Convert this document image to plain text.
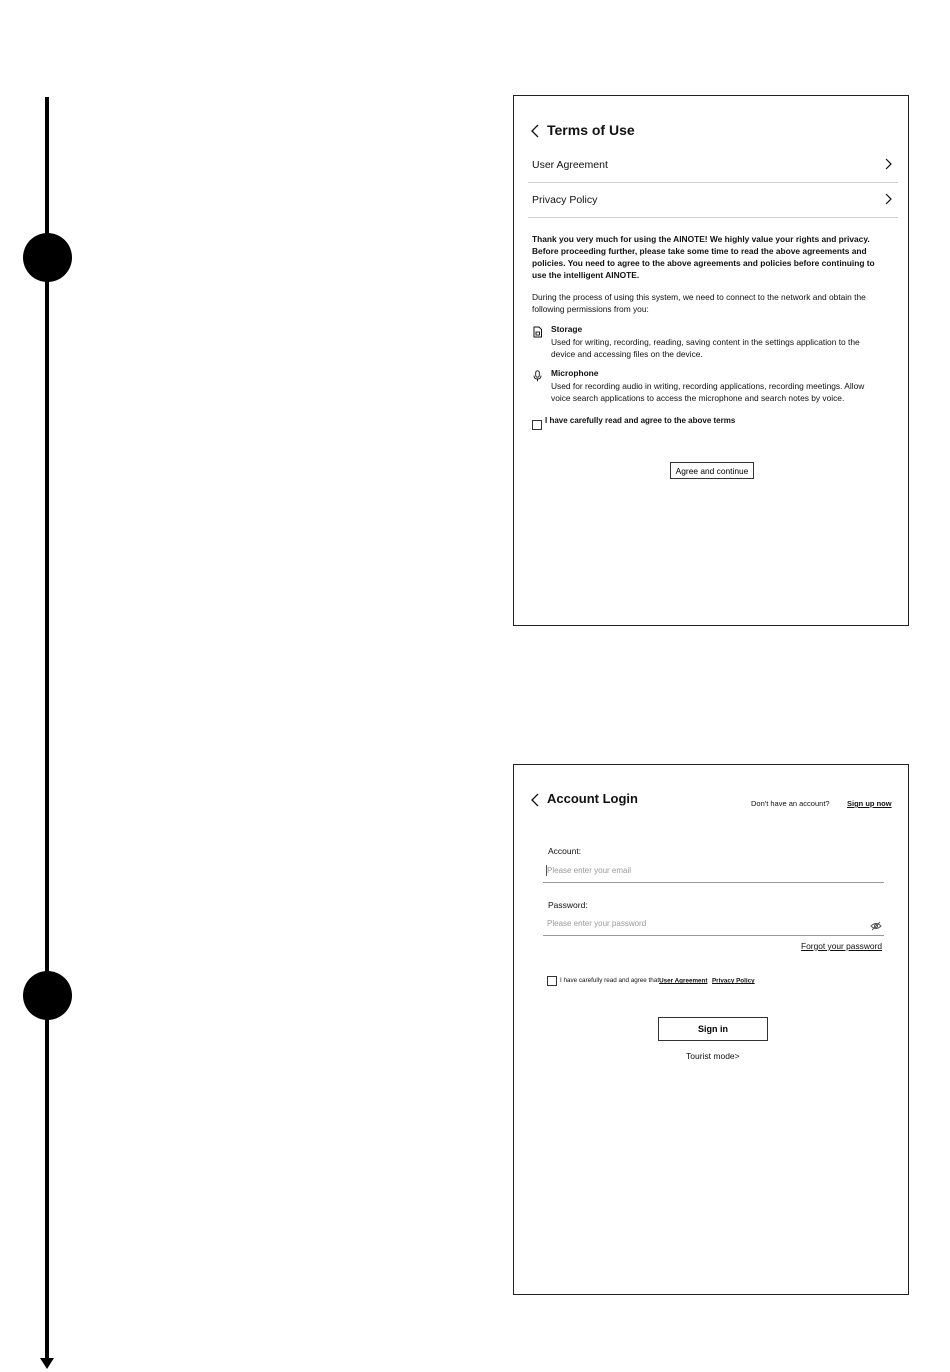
Terms of Use
User Agreement
Privacy Policy
Thank you very much for using the AINOTE! We highly value your rights and privacy. Before proceeding further, please take some time to read the above agreements and policies. You need to agree to the above agreements and policies before continuing to use the intelligent AINOTE.
During the process of using this system, we need to connect to the network and obtain the following permissions from you:
Storage
Used for writing, recording, reading, saving content in the settings application to the device and accessing files on the device.
Microphone
Used for recording audio in writing, recording applications, recording meetings. Allow voice search applications to access the microphone and search notes by voice.
I have carefully read and agree to the above terms
Agree and continue
Account Login	Don't have an account? Sign up now
Account:
Please enter your email
Password:
Please enter your password
Forgot your password
I have carefully read and agree thatUser Agreement Privacy Policy
Sign in
Tourist mode>
